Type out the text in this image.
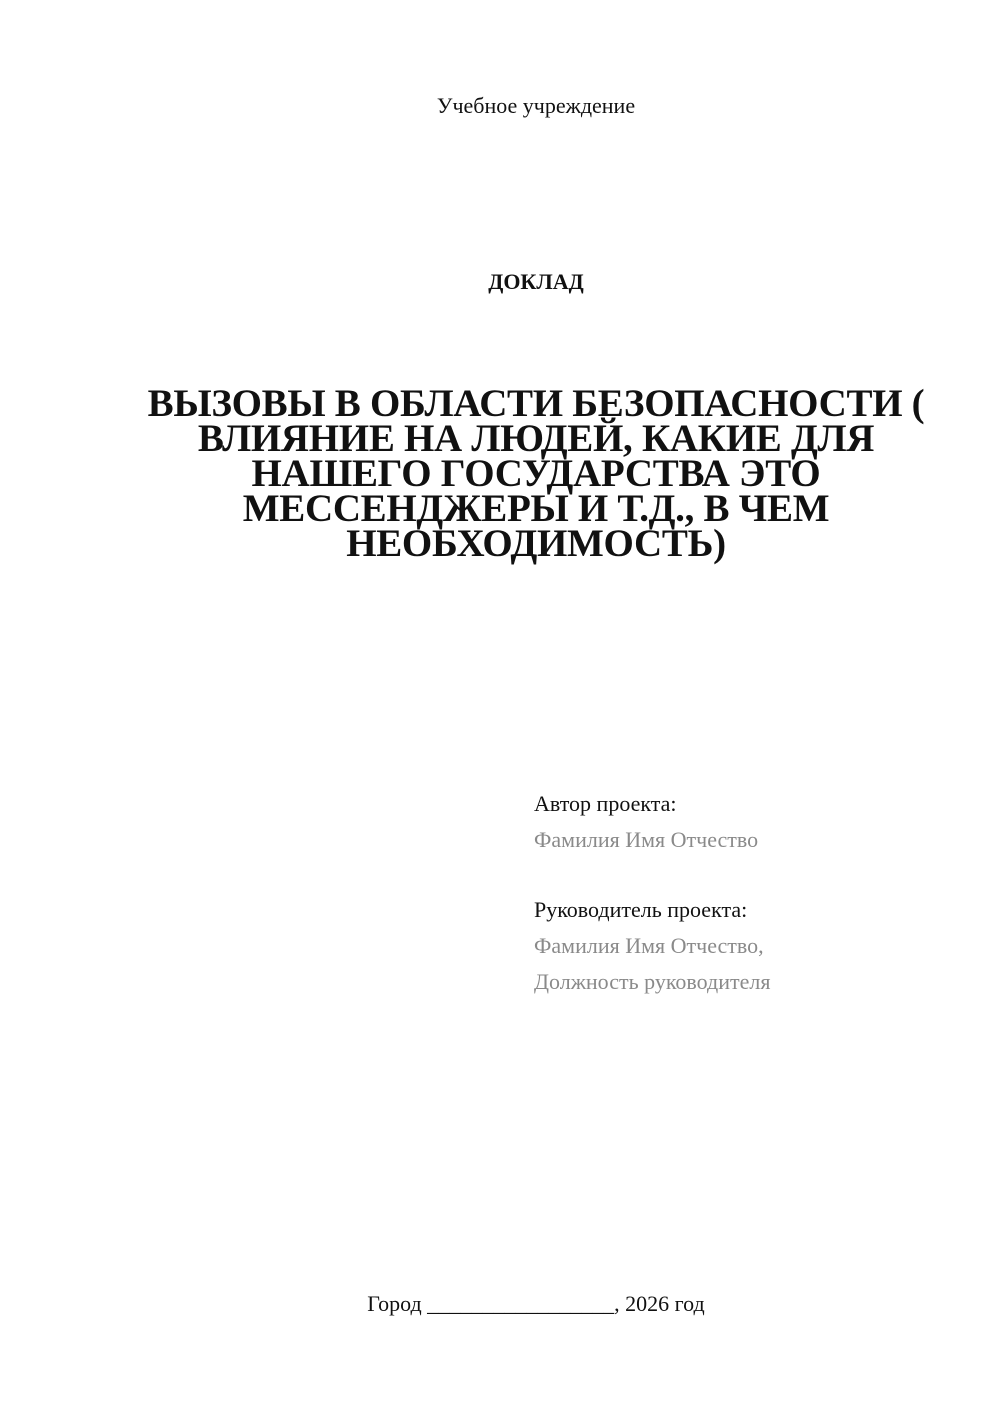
Учебное учреждение
ДОКЛАД
ВЫЗОВЫ В ОБЛАСТИ БЕЗОПАСНОСТИ (
ВЛИЯНИЕ НА ЛЮДЕЙ, КАКИЕ ДЛЯ
НАШЕГО ГОСУДАРСТВА ЭТО
МЕССЕНДЖЕРЫ И Т.Д., В ЧЕМ
НЕОБХОДИМОСТЬ)
Автор проекта:
Фамилия Имя Отчество
Руководитель проекта:
Фамилия Имя Отчество,
Должность руководителя
Город _________________, 2026 год
